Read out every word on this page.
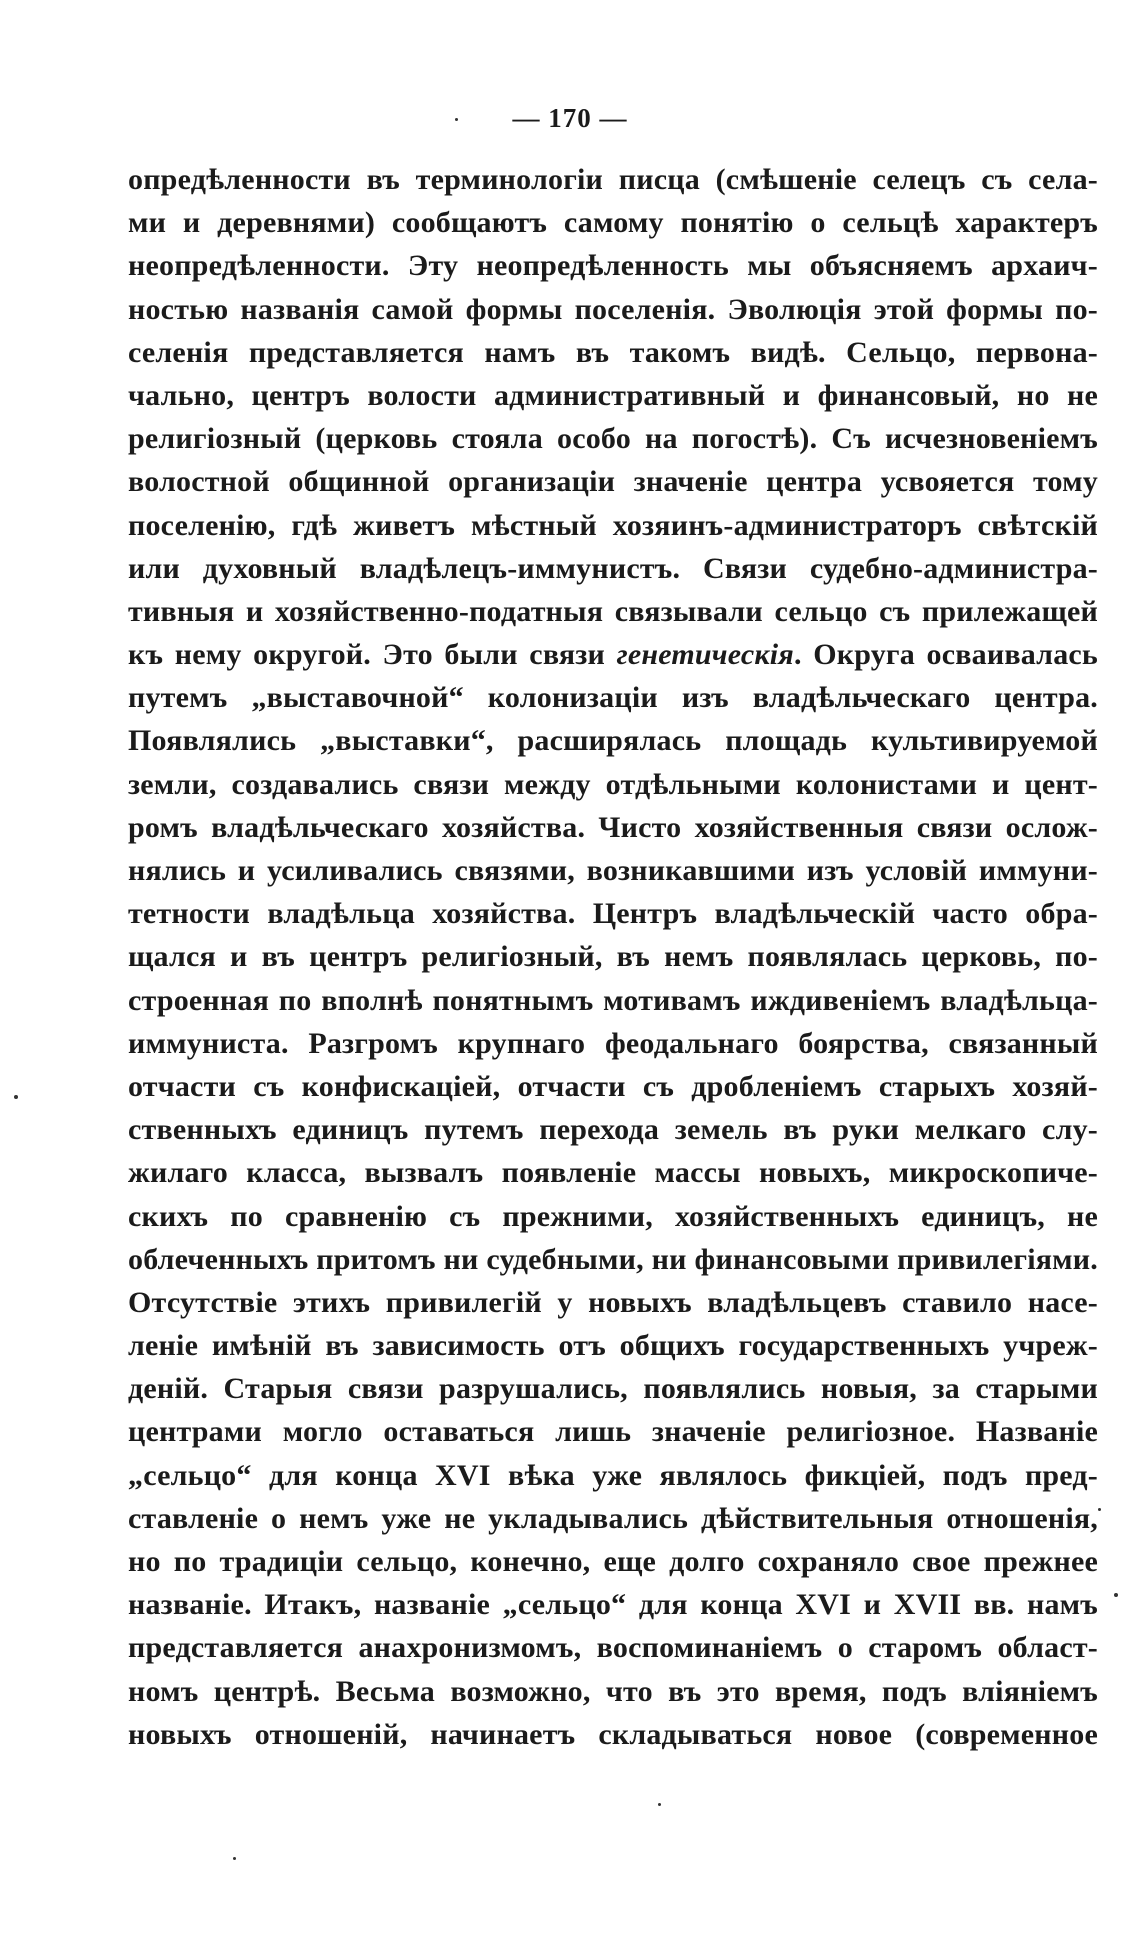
— 170 —
опредѣленности въ терминологіи писца (смѣшеніе селецъ съ села-
ми и деревнями) сообщаютъ самому понятію о сельцѣ характеръ
неопредѣленности. Эту неопредѣленность мы объясняемъ архаич-
ностью названія самой формы поселенія. Эволюція этой формы по-
селенія представляется намъ въ такомъ видѣ. Сельцо, первона-
чально, центръ волости административный и финансовый, но не
религіозный (церковь стояла особо на погостѣ). Съ исчезновеніемъ
волостной общинной организаціи значеніе центра усвояется тому
поселенію, гдѣ живетъ мѣстный хозяинъ-администраторъ свѣтскій
или духовный владѣлецъ-иммунистъ. Связи судебно-администра-
тивныя и хозяйственно-податныя связывали сельцо съ прилежащей
къ нему округой. Это были связи генетическія. Округа осваивалась
путемъ „выставочной“ колонизаціи изъ владѣльческаго центра.
Появлялись „выставки“, расширялась площадь культивируемой
земли, создавались связи между отдѣльными колонистами и цент-
ромъ владѣльческаго хозяйства. Чисто хозяйственныя связи ослож-
нялись и усиливались связями, возникавшими изъ условій иммуни-
тетности владѣльца хозяйства. Центръ владѣльческій часто обра-
щался и въ центръ религіозный, въ немъ появлялась церковь, по-
строенная по вполнѣ понятнымъ мотивамъ иждивеніемъ владѣльца-
иммуниста. Разгромъ крупнаго феодальнаго боярства, связанный
отчасти съ конфискаціей, отчасти съ дробленіемъ старыхъ хозяй-
ственныхъ единицъ путемъ перехода земель въ руки мелкаго слу-
жилаго класса, вызвалъ появленіе массы новыхъ, микроскопиче-
скихъ по сравненію съ прежними, хозяйственныхъ единицъ, не
облеченныхъ притомъ ни судебными, ни финансовыми привилегіями.
Отсутствіе этихъ привилегій у новыхъ владѣльцевъ ставило насе-
леніе имѣній въ зависимость отъ общихъ государственныхъ учреж-
деній. Старыя связи разрушались, появлялись новыя, за старыми
центрами могло оставаться лишь значеніе религіозное. Названіе
„сельцо“ для конца XVI вѣка уже являлось фикціей, подъ пред-
ставленіе о немъ уже не укладывались дѣйствительныя отношенія,
но по традиціи сельцо, конечно, еще долго сохраняло свое прежнее
названіе. Итакъ, названіе „сельцо“ для конца XVI и XVII вв. намъ
представляется анахронизмомъ, воспоминаніемъ о старомъ област-
номъ центрѣ. Весьма возможно, что въ это время, подъ вліяніемъ
новыхъ отношеній, начинаетъ складываться новое (современное
